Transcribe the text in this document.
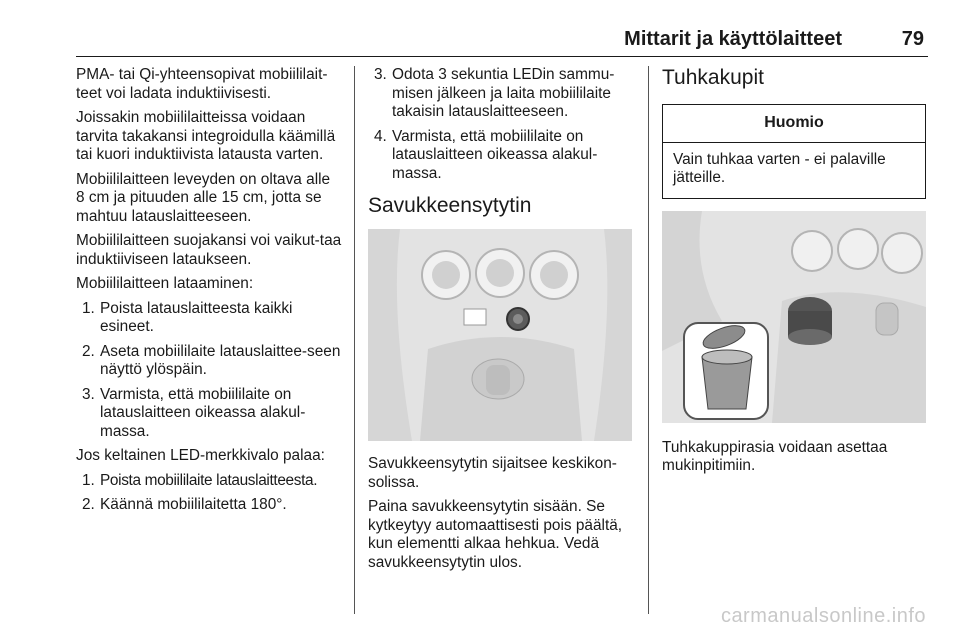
Mittarit ja käyttölaitteet	79

PMA- tai Qi-yhteensopivat mobiililait-teet voi ladata induktiivisesti.

Joissakin mobiililaitteissa voidaan tarvita takakansi integroidulla käämillä tai kuori induktiivista latausta varten.

Mobiililaitteen leveyden on oltava alle 8 cm ja pituuden alle 15 cm, jotta se mahtuu latauslaitteeseen.

Mobiililaitteen suojakansi voi vaikut-taa induktiiviseen lataukseen.

Mobiililaitteen lataaminen:

1. Poista latauslaitteesta kaikki esineet.
2. Aseta mobiililaite latauslaittee-seen näyttö ylöspäin.
3. Varmista, että mobiililaite on latauslaitteen oikeassa alakul-massa.

Jos keltainen LED-merkkivalo palaa:

1. Poista mobiililaite latauslaitteesta.
2. Käännä mobiililaitetta 180°.
3. Odota 3 sekuntia LEDin sammu-misen jälkeen ja laita mobiililaite takaisin latauslaitteeseen.
4. Varmista, että mobiililaite on latauslaitteen oikeassa alakul-massa.
Savukkeensytytin

Savukkeensytytin sijaitsee keskikon-solissa.

Paina savukkeensytytin sisään. Se kytkeytyy automaattisesti pois päältä, kun elementti alkaa hehkua. Vedä savukkeensytytin ulos.

Tuhkakupit
Huomio
Vain tuhkaa varten - ei palaville jätteille.

Tuhkakuppirasia voidaan asettaa mukinpitimiin.

carmanualsonline.info
